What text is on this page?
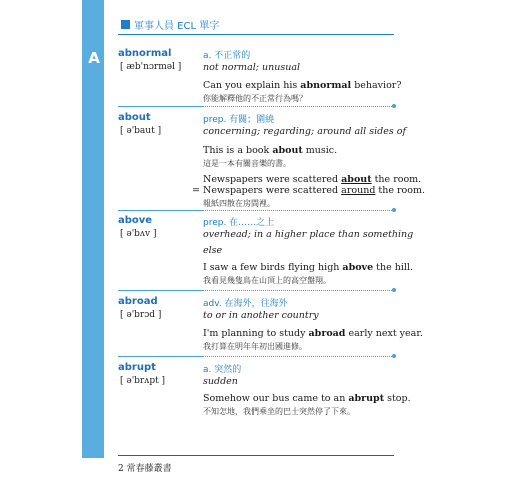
A
軍事人員 ECL 單字
abnormal
[ æb'nɔrməl ]
a. 不正常的
not normal; unusual
Can you explain his abnormal behavior?
你能解釋他的不正常行為嗎？
about
[ ə'baut ]
prep. 有關；圍繞
concerning; regarding; around all sides of
This is a book about music.
這是一本有關音樂的書。
Newspapers were scattered about the room.
= Newspapers were scattered around the room.
報紙四散在房間裡。
above
[ ə'bʌv ]
prep. 在……之上
overhead; in a higher place than something
else
I saw a few birds flying high above the hill.
我看見幾隻鳥在山頂上的高空盤翔。
abroad
[ ə'brɔd ]
adv. 在海外，往海外
to or in another country
I'm planning to study abroad early next year.
我打算在明年年初出國進修。
abrupt
[ ə'brʌpt ]
a. 突然的
sudden
Somehow our bus came to an abrupt stop.
不知怎地，我們乘坐的巴士突然停了下來。
2 常春藤叢書
